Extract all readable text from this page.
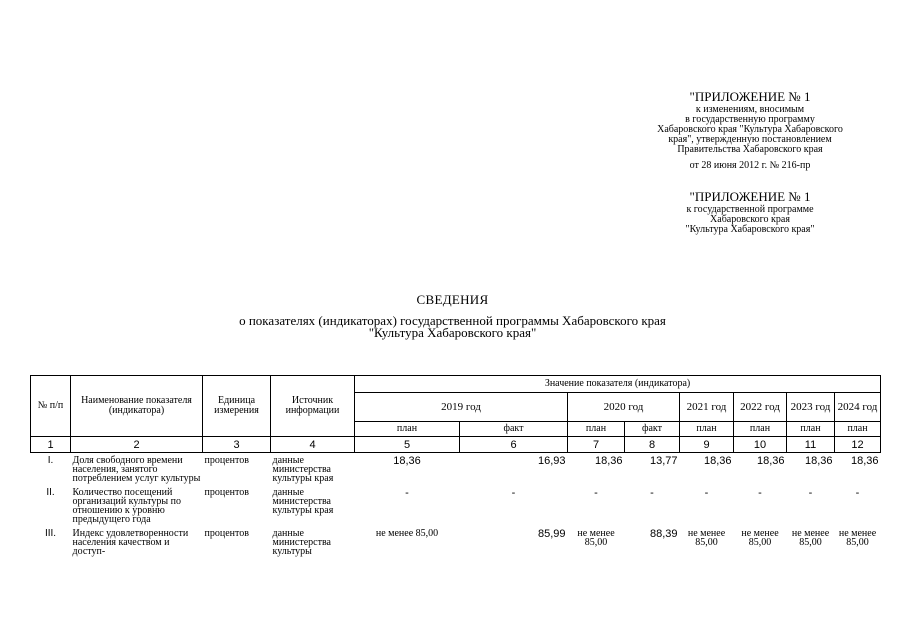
"ПРИЛОЖЕНИЕ № 1
к изменениям, вносимым
в государственную программу
Хабаровского края "Культура Хабаровского
края", утвержденную постановлением
Правительства Хабаровского края
от 28 июня 2012 г. № 216-пр
"ПРИЛОЖЕНИЕ № 1
к государственной программе
Хабаровского края
"Культура Хабаровского края"
СВЕДЕНИЯ
о показателях (индикаторах) государственной программы Хабаровского края
"Культура Хабаровского края"
№ п/п	Наименование показателя (индикатора)	Единица измерения	Источник информации	Значение показателя (индикатора)							
				2019 год		2020 год		2021 год	2022 год	2023 год	2024 год
				план	факт	план	факт	план	план	план	план
1	2	3	4	5	6	7	8	9	10	11	12
I.	Доля свободного времени населения, занятого потреблением услуг культуры	процентов	данные министерства культуры края	18,36	16,93	18,36	13,77	18,36	18,36	18,36	18,36
II.	Количество посещений организаций культуры по отношению к уровню предыдущего года	процентов	данные министерства культуры края	-	-	-	-	-	-	-	-
III.	Индекс удовлетворенности населения качеством и доступ-	процентов	данные министерства культуры	не менее 85,00	85,99	не менее 85,00	88,39	не менее 85,00	не менее 85,00	не менее 85,00	не менее 85,00
